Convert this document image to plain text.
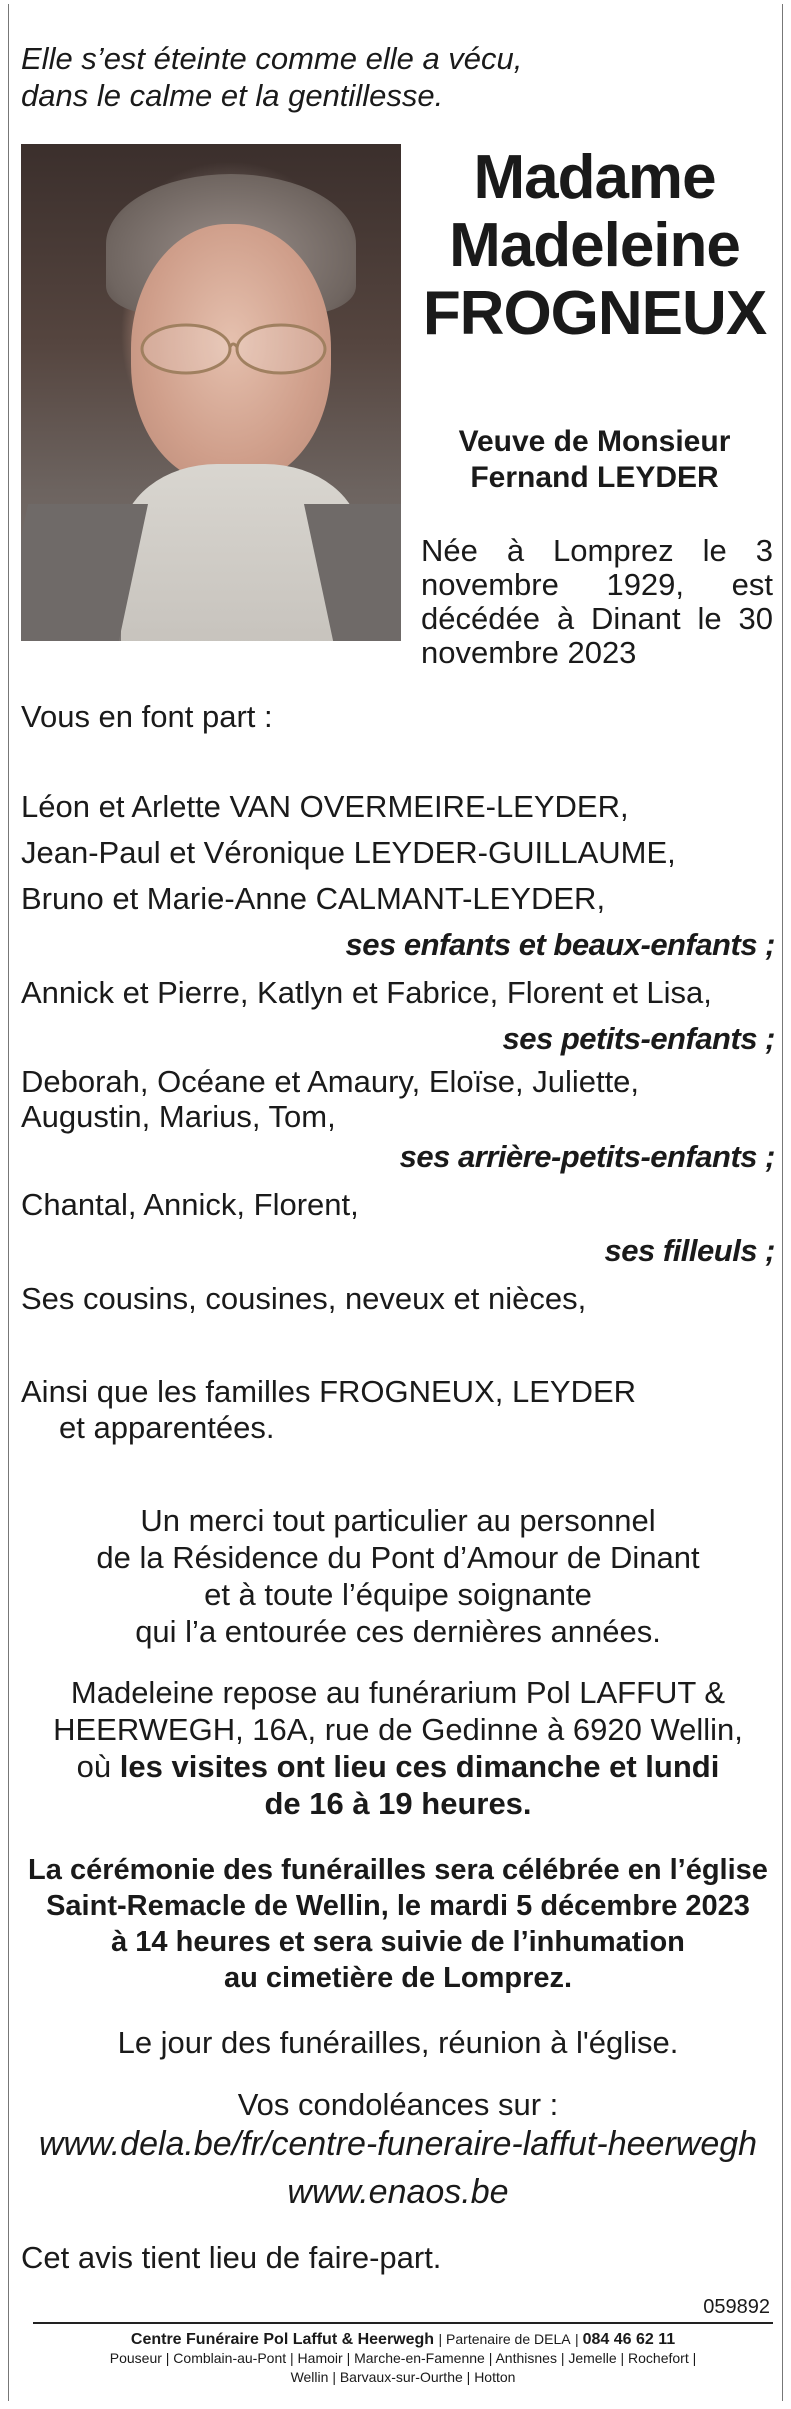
Elle s’est éteinte comme elle a vécu,
dans le calme et la gentillesse.
Madame
Madeleine
FROGNEUX
Veuve de Monsieur
Fernand LEYDER
Née à Lomprez le 3 novembre 1929, est décédée à Dinant le 30 novembre 2023
Vous en font part :
Léon et Arlette VAN OVERMEIRE-LEYDER,
Jean-Paul et Véronique LEYDER-GUILLAUME,
Bruno et Marie-Anne CALMANT-LEYDER,
ses enfants et beaux-enfants ;
Annick et Pierre, Katlyn et Fabrice, Florent et Lisa,
ses petits-enfants ;
Deborah, Océane et Amaury, Eloïse, Juliette,
Augustin, Marius, Tom,
ses arrière-petits-enfants ;
Chantal, Annick, Florent,
ses filleuls ;
Ses cousins, cousines, neveux et nièces,
Ainsi que les familles FROGNEUX, LEYDER
et apparentées.
Un merci tout particulier au personnel
de la Résidence du Pont d’Amour de Dinant
et à toute l’équipe soignante
qui l’a entourée ces dernières années.
Madeleine repose au funérarium Pol LAFFUT &
HEERWEGH, 16A, rue de Gedinne à 6920 Wellin,
où les visites ont lieu ces dimanche et lundi
de 16 à 19 heures.
La cérémonie des funérailles sera célébrée en l’église
Saint-Remacle de Wellin, le mardi 5 décembre 2023
à 14 heures et sera suivie de l’inhumation
au cimetière de Lomprez.
Le jour des funérailles, réunion à l'église.
Vos condoléances sur :
www.dela.be/fr/centre-funeraire-laffut-heerwegh
www.enaos.be
Cet avis tient lieu de faire-part.
059892
Centre Funéraire Pol Laffut & Heerwegh | Partenaire de DELA | 084 46 62 11
Pouseur | Comblain-au-Pont | Hamoir | Marche-en-Famenne | Anthisnes | Jemelle | Rochefort |
Wellin | Barvaux-sur-Ourthe | Hotton
